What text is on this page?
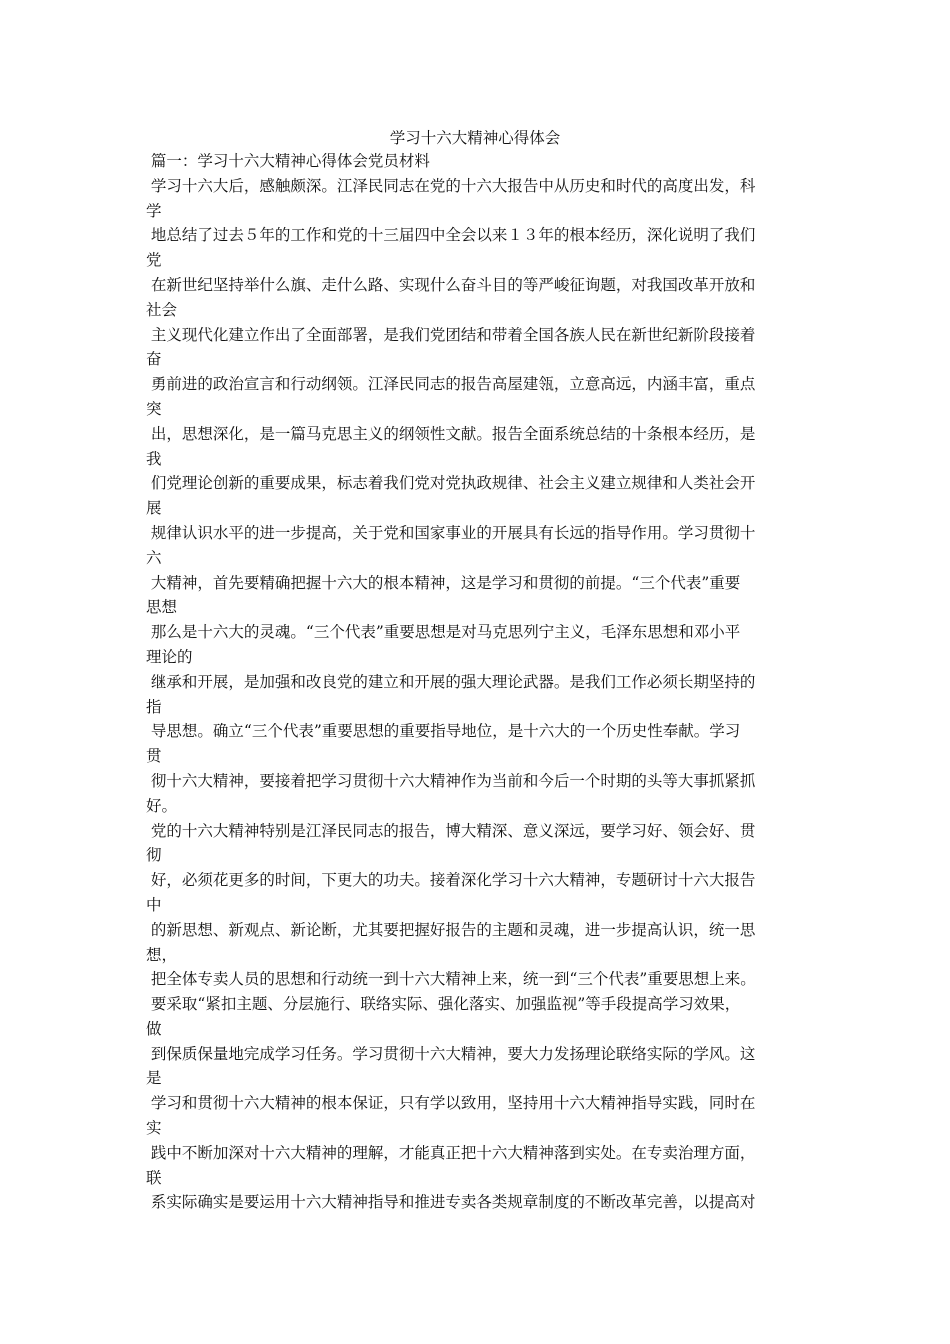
学习十六大精神心得体会
篇一：学习十六大精神心得体会党员材料
学习十六大后，感触颇深。江泽民同志在党的十六大报告中从历史和时代的高度出发，科
学
地总结了过去５年的工作和党的十三届四中全会以来１３年的根本经历，深化说明了我们
党
在新世纪坚持举什么旗、走什么路、实现什么奋斗目的等严峻征询题，对我国改革开放和
社会
主义现代化建立作出了全面部署，是我们党团结和带着全国各族人民在新世纪新阶段接着
奋
勇前进的政治宣言和行动纲领。江泽民同志的报告高屋建瓴，立意高远，内涵丰富，重点
突
出，思想深化，是一篇马克思主义的纲领性文献。报告全面系统总结的十条根本经历，是
我
们党理论创新的重要成果，标志着我们党对党执政规律、社会主义建立规律和人类社会开
展
规律认识水平的进一步提高，关于党和国家事业的开展具有长远的指导作用。学习贯彻十
六
大精神，首先要精确把握十六大的根本精神，这是学习和贯彻的前提。“三个代表”重要
思想
那么是十六大的灵魂。“三个代表”重要思想是对马克思列宁主义，毛泽东思想和邓小平
理论的
继承和开展，是加强和改良党的建立和开展的强大理论武器。是我们工作必须长期坚持的
指
导思想。确立“三个代表”重要思想的重要指导地位，是十六大的一个历史性奉献。学习
贯
彻十六大精神，要接着把学习贯彻十六大精神作为当前和今后一个时期的头等大事抓紧抓
好。
党的十六大精神特别是江泽民同志的报告，博大精深、意义深远，要学习好、领会好、贯
彻
好，必须花更多的时间，下更大的功夫。接着深化学习十六大精神，专题研讨十六大报告
中
的新思想、新观点、新论断，尤其要把握好报告的主题和灵魂，进一步提高认识，统一思
想，
把全体专卖人员的思想和行动统一到十六大精神上来，统一到“三个代表”重要思想上来。
要采取“紧扣主题、分层施行、联络实际、强化落实、加强监视”等手段提高学习效果，
做
到保质保量地完成学习任务。学习贯彻十六大精神，要大力发扬理论联络实际的学风。这
是
学习和贯彻十六大精神的根本保证，只有学以致用，坚持用十六大精神指导实践，同时在
实
践中不断加深对十六大精神的理解，才能真正把十六大精神落到实处。在专卖治理方面，
联
系实际确实是要运用十六大精神指导和推进专卖各类规章制度的不断改革完善，以提高对
